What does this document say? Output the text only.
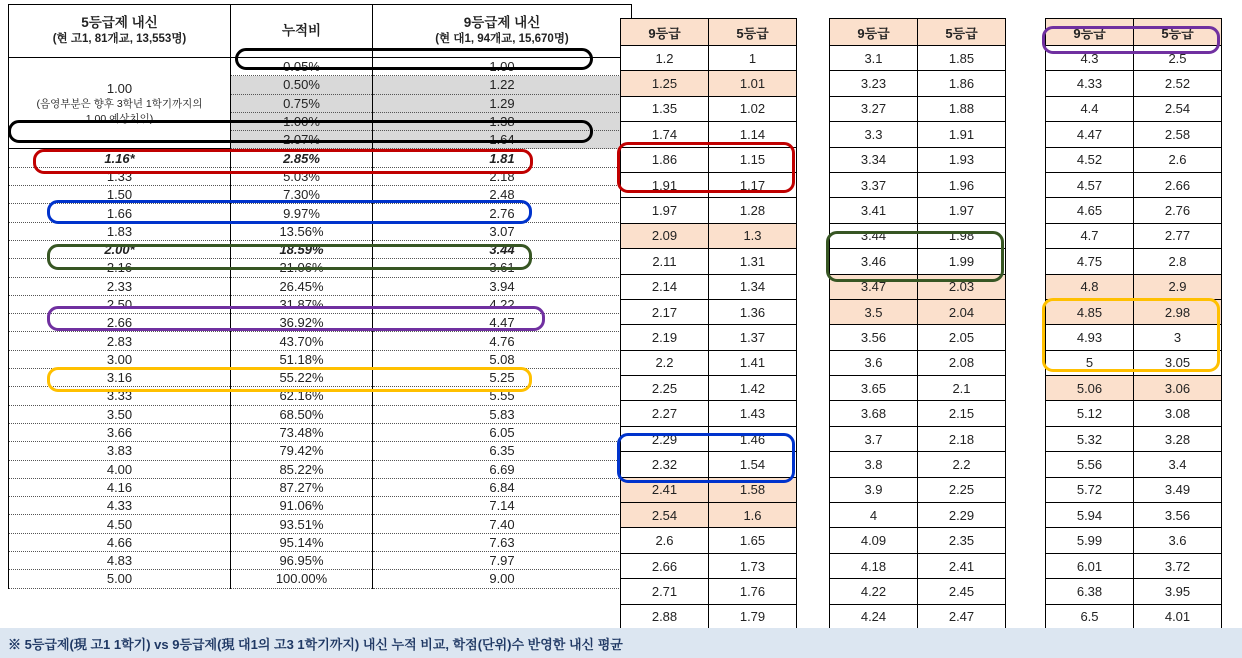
5등급제 내신
(현 고1, 81개교, 13,553명)

누적비

9등급제 내신
(현 대1, 94개교, 15,670명)

1.00
(음영부분은 향후 3학년 1학기까지의
1.00 예상치임)	0.05%	1.00
	0.50%	1.22
	0.75%	1.29
	1.00%	1.38
	2.07%	1.64
1.16*	2.85%	1.81
1.33	5.03%	2.18
1.50	7.30%	2.48
1.66	9.97%	2.76
1.83	13.56%	3.07
2.00*	18.59%	3.44
2.16	21.06%	3.61
2.33	26.45%	3.94
2.50	31.87%	4.22
2.66	36.92%	4.47
2.83	43.70%	4.76
3.00	51.18%	5.08
3.16	55.22%	5.25
3.33	62.16%	5.55
3.50	68.50%	5.83
3.66	73.48%	6.05
3.83	79.42%	6.35
4.00	85.22%	6.69
4.16	87.27%	6.84
4.33	91.06%	7.14
4.50	93.51%	7.40
4.66	95.14%	7.63
4.83	96.95%	7.97
5.00	100.00%	9.00
9등급	5등급
1.2	1
1.25	1.01
1.35	1.02
1.74	1.14
1.86	1.15
1.91	1.17
1.97	1.28
2.09	1.3
2.11	1.31
2.14	1.34
2.17	1.36
2.19	1.37
2.2	1.41
2.25	1.42
2.27	1.43
2.29	1.46
2.32	1.54
2.41	1.58
2.54	1.6
2.6	1.65
2.66	1.73
2.71	1.76
2.88	1.79

9등급	5등급
3.1	1.85
3.23	1.86
3.27	1.88
3.3	1.91
3.34	1.93
3.37	1.96
3.41	1.97
3.44	1.98
3.46	1.99
3.47	2.03
3.5	2.04
3.56	2.05
3.6	2.08
3.65	2.1
3.68	2.15
3.7	2.18
3.8	2.2
3.9	2.25
4	2.29
4.09	2.35
4.18	2.41
4.22	2.45
4.24	2.47

9등급	5등급
4.3	2.5
4.33	2.52
4.4	2.54
4.47	2.58
4.52	2.6
4.57	2.66
4.65	2.76
4.7	2.77
4.75	2.8
4.8	2.9
4.85	2.98
4.93	3
5	3.05
5.06	3.06
5.12	3.08
5.32	3.28
5.56	3.4
5.72	3.49
5.94	3.56
5.99	3.6
6.01	3.72
6.38	3.95
6.5	4.01

※ 5등급제(現 고1 1학기) vs 9등급제(現 대1의 고3 1학기까지) 내신 누적 비교, 학점(단위)수 반영한 내신 평균
